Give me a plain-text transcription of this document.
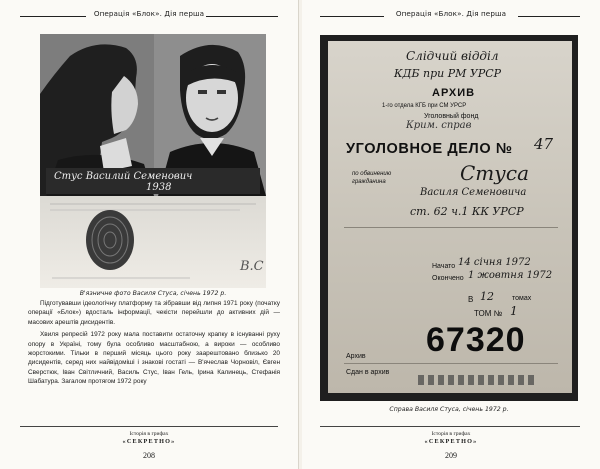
Операція «Блок». Дія перша
B.C
Стус Василий Семенович
1938
В'язничне фото Василя Стуса, січень 1972 р.

Підготувавши ідеологічну платформу та зібравши від липня 1971 року (початку операції «Блок») вдосталь інформації, чекісти перейшли до активних дій — масових арештів дисидентів.

Хвиля репресій 1972 року мала поставити остаточну крапку в існуванні руху опору в Україні, тому була особливо масштабною, а вироки — особливо жорстокими. Тільки в перший місяць цього року заарештовано близько 20 дисидентів, серед них найвідоміші і знакові гостаті — В'ячеслав Чорновіл, Євген Сверстюк, Іван Світличний, Василь Стус, Іван Гель, Ірина Калинець, Стефанія Шабатура. Загалом протягом 1972 року

Історія в грифах
«СЕКРЕТНО»
208
Операція «Блок». Дія перша
Слідчий відділ
КДБ при РМ УРСР
АРХИВ
1-го отдела КГБ при СМ УРСР
Уголовный фонд
Крим. справ
УГОЛОВНОЕ ДЕЛО № 47
по обвинению
гражданина	Стуса
Василя Семеновича
ст. 62 ч.1 КК УРСР
Начато 14 січня 1972
Окончено 1 жовтня 1972
В 12	томах
ТОМ № 1
Архив 67320
Сдан в архив
Справа Василя Стуса, січень 1972 р.
Історія в грифах
«СЕКРЕТНО»
209
